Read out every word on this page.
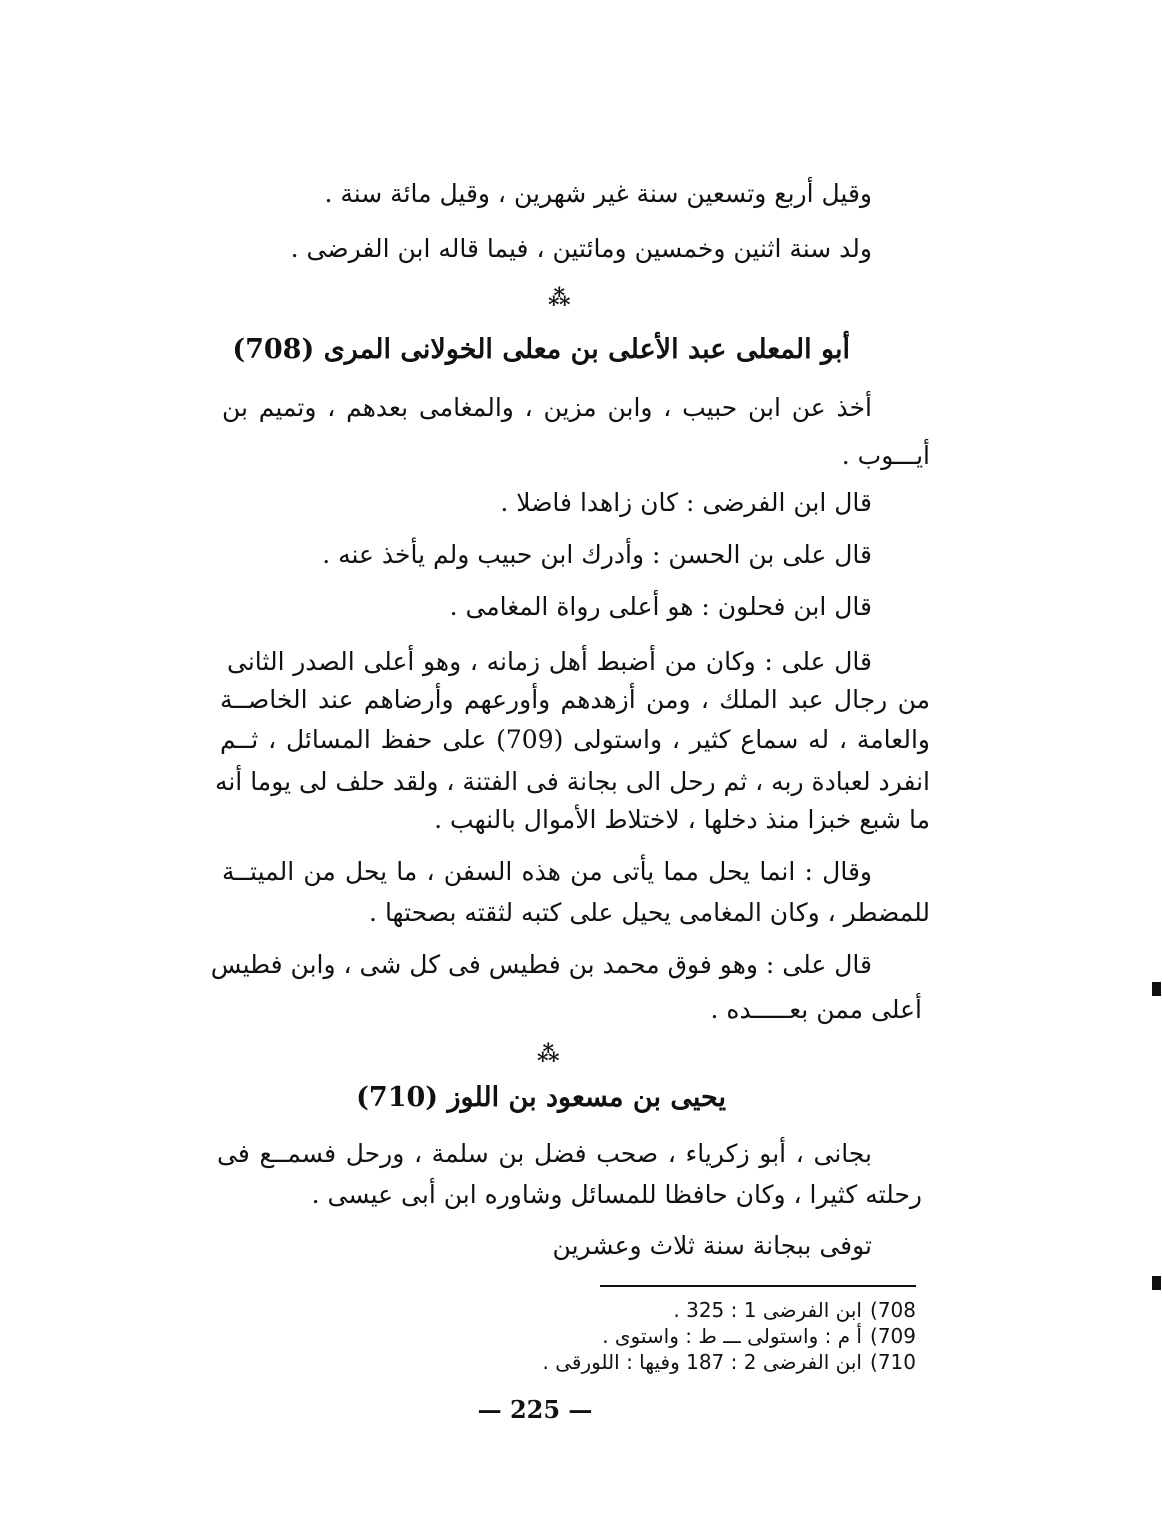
وقيل أربع وتسعين سنة غير شهرين ، وقيل مائة سنة .
ولد سنة اثنين وخمسين ومائتين ، فيما قاله ابن الفرضى .
⁂
أبو المعلى عبد الأعلى بن معلى الخولانى المرى (708)
أخذ عن ابن حبيب ، وابن مزين ، والمغامى بعدهم ، وتميم بن
أيـــوب .
قال ابن الفرضى : كان زاهدا فاضلا .
قال على بن الحسن : وأدرك ابن حبيب ولم يأخذ عنه .
قال ابن فحلون : هو أعلى رواة المغامى .
قال على : وكان من أضبط أهل زمانه ، وهو أعلى الصدر الثانى
من رجال عبد الملك ، ومن أزهدهم وأورعهم وأرضاهم عند الخاصــة
والعامة ، له سماع كثير ، واستولى (709) على حفظ المسائل ، ثــم
انفرد لعبادة ربه ، ثم رحل الى بجانة فى الفتنة ، ولقد حلف لى يوما أنه
ما شبع خبزا منذ دخلها ، لاختلاط الأموال بالنهب .
وقال : انما يحل مما يأتى من هذه السفن ، ما يحل من الميتــة
للمضطر ، وكان المغامى يحيل على كتبه لثقته بصحتها .
قال على : وهو فوق محمد بن فطيس فى كل شى ، وابن فطيس
أعلى ممن بعـــــده .
⁂
يحيى بن مسعود بن اللوز (710)
بجانى ، أبو زكرياء ، صحب فضل بن سلمة ، ورحل فسمــع فى
رحلته كثيرا ، وكان حافظا للمسائل وشاوره ابن أبى عيسى .
توفى ببجانة سنة ثلاث وعشرين
708)ابن الفرضى 1 : 325 .
709)أ م : واستولى ـــ ط : واستوى .
710)ابن الفرضى 2 : 187 وفيها : اللورقى .
— 225 —
